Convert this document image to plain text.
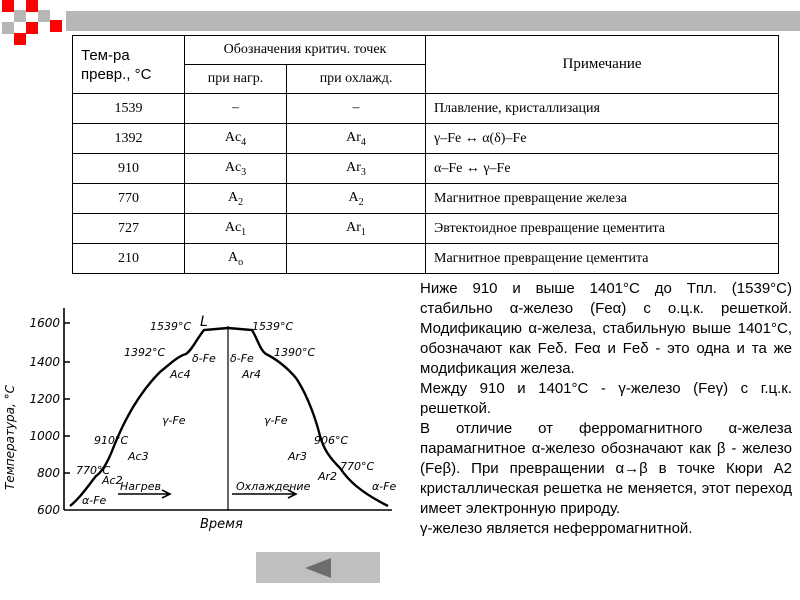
Тем-ра
превр., °С	Обозначения критич. точек		Примечание
	при нагр.	при охлажд.	
1539	–	–	Плавление, кристаллизация
1392	$Ac_4$	$Ar_4$	γ–Fe ↔ α(δ)–Fe
910	$Ac_3$	$Ar_3$	α–Fe ↔ γ–Fe
770	$A_2$	$A_2$	Магнитное превращение железа
727	$Ac_1$	$Ar_1$	Эвтектоидное превращение цементита
210	$A_о$		Магнитное превращение цементита
1600
1400
1200
1000
800
600
Температура, °С
Время
Нагрев	Охлаждение
1539°С	1539°С
L
1392°С	1390°С
δ-Fe δ-Fe
Ac4	Ar4
γ-Fe	γ-Fe
910°С	906°С
Ac3	Ar3
770°С	770°С
Ac2	Ar2
α-Fe
α-Fe

Ниже 910 и выше 1401°С до Tпл. (1539°С) стабильно α-железо (Feα) с о.ц.к. решеткой. Модификацию α-железа, стабильную выше 1401°С, обозначают как Feδ. Feα и Feδ - это одна и та же модификация железа.

Между 910 и 1401°С - γ-железо (Feγ) с г.ц.к. решеткой.

В отличие от ферромагнитного α-железа парамагнитное α-железо обозначают как β - железо (Feβ). При превращении α→β в точке Кюри A2 кристаллическая решетка не меняется, этот переход имеет электронную природу.

γ-железо является неферромагнитной.
